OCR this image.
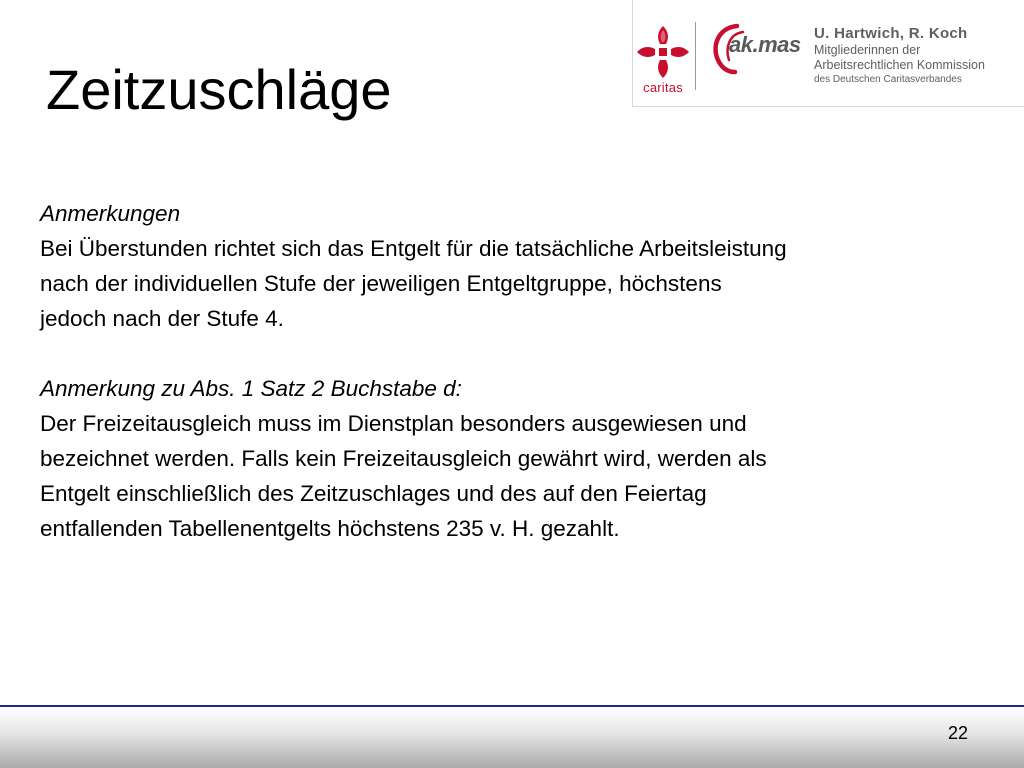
caritas
ak.mas U. Hartwich, R. Koch
Mitgliederinnen der
Arbeitsrechtlichen Kommission
des Deutschen Caritasverbandes
Zeitzuschläge

Anmerkungen

Bei Überstunden richtet sich das Entgelt für die tatsächliche Arbeitsleistung

nach der individuellen Stufe der jeweiligen Entgeltgruppe, höchstens

jedoch nach der Stufe 4.

Anmerkung zu Abs. 1 Satz 2 Buchstabe d:

Der Freizeitausgleich muss im Dienstplan besonders ausgewiesen und

bezeichnet werden. Falls kein Freizeitausgleich gewährt wird, werden als

Entgelt einschließlich des Zeitzuschlages und des auf den Feiertag

entfallenden Tabellenentgelts höchstens 235 v. H. gezahlt.

22
